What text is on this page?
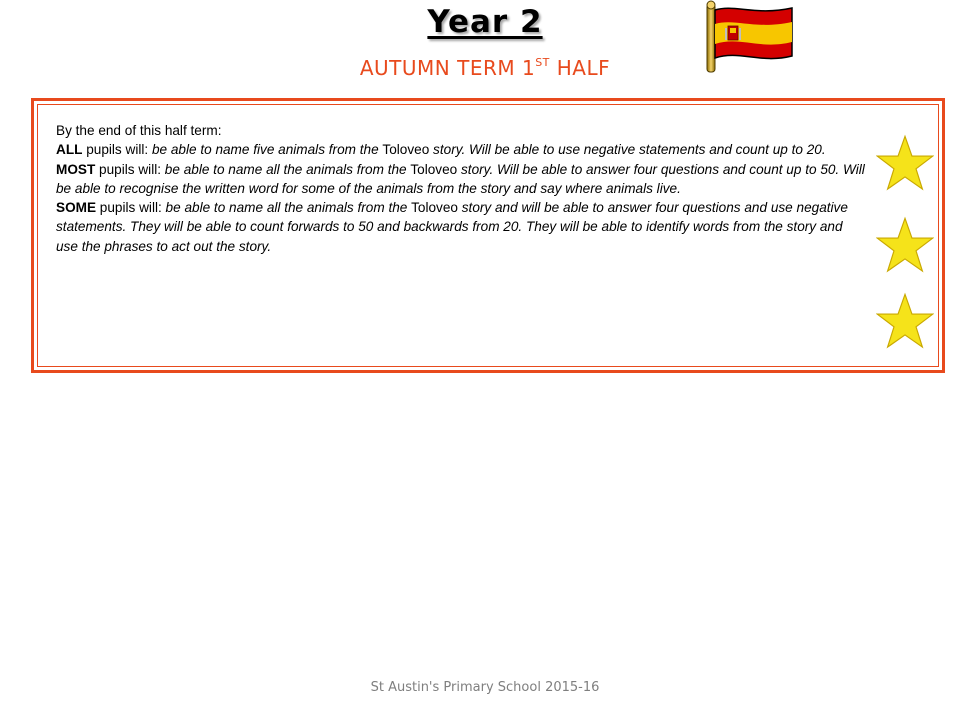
Year 2
AUTUMN TERM 1ST HALF

By the end of this half term:

ALL pupils will: be able to name five animals from the Toloveo story. Will be able to use negative statements and count up to 20.

MOST pupils will: be able to name all the animals from the Toloveo story. Will be able to answer four questions and count up to 50. Will be able to recognise the written word for some of the animals from the story and say where animals live.

SOME pupils will: be able to name all the animals from the Toloveo story and will be able to answer four questions and use negative statements. They will be able to count forwards to 50 and backwards from 20. They will be able to identify words from the story and use the phrases to act out the story.

St Austin's Primary School 2015-16
